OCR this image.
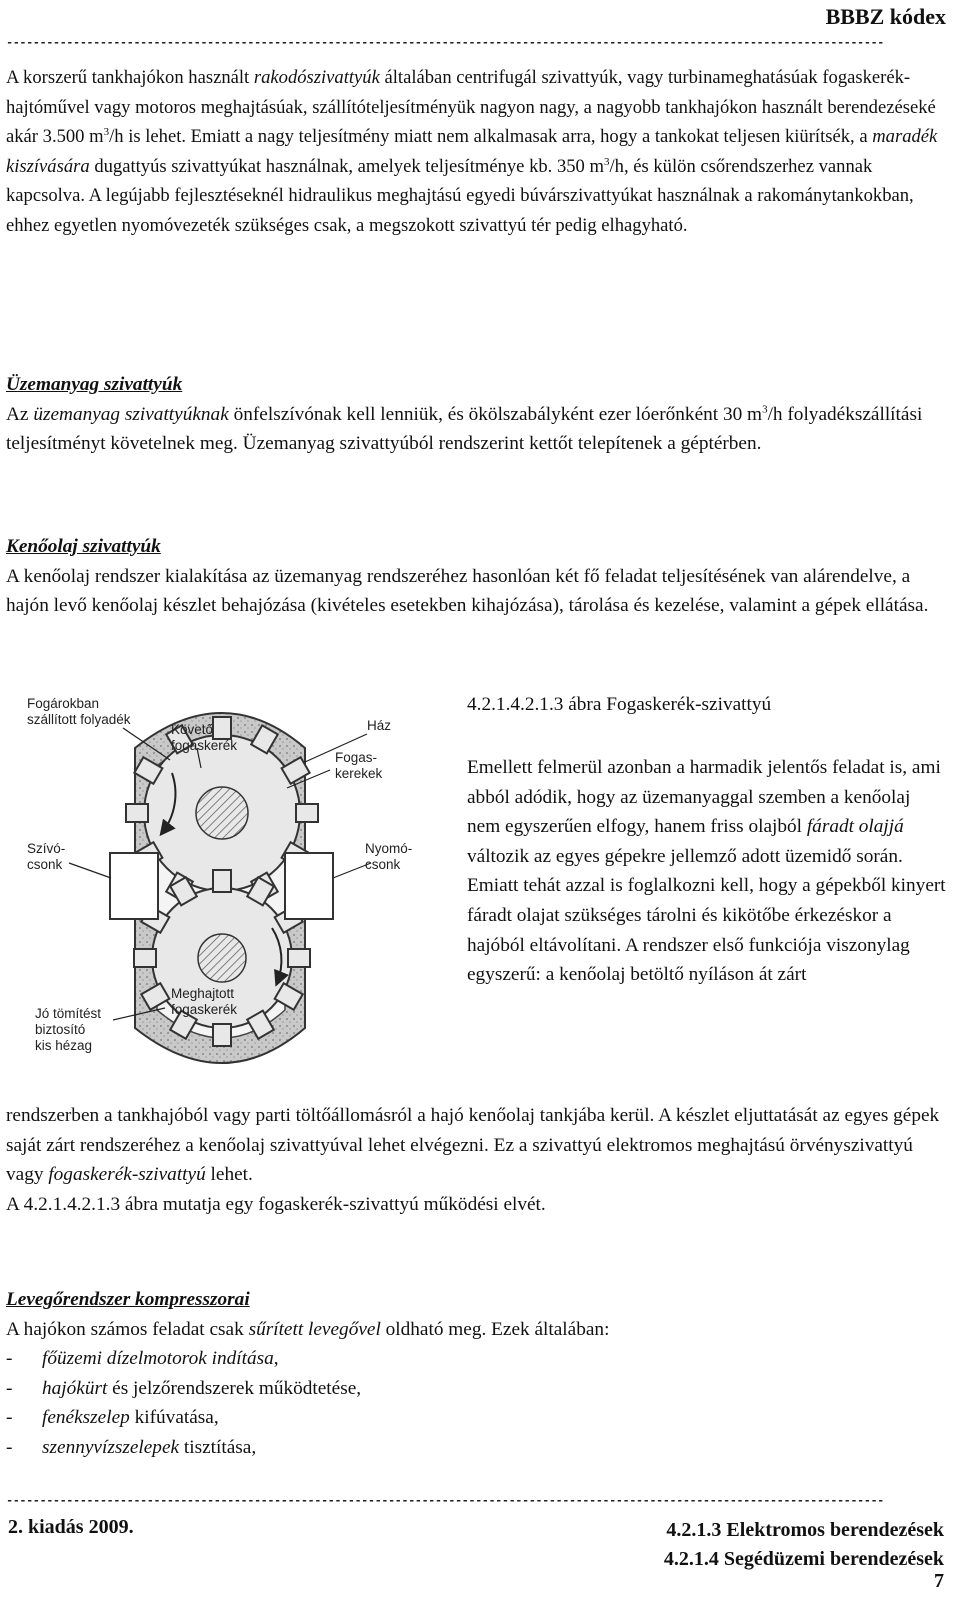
BBBZ kódex
-----------------------------------------------------------------------------------------------------------------------------------
A korszerű tankhajókon használt rakodószivattyúk általában centrifugál szivattyúk, vagy turbinameghatásúak fogaskerék-hajtóművel vagy motoros meghajtásúak, szállítóteljesítményük nagyon nagy, a nagyobb tankhajókon használt berendezéseké akár 3.500 $m^3/h$ is lehet. Emiatt a nagy teljesítmény miatt nem alkalmasak arra, hogy a tankokat teljesen kiürítsék, a maradék kiszívására dugattyús szivattyúkat használnak, amelyek teljesítménye kb. 350 $m^3/h$, és külön csőrendszerhez vannak kapcsolva. A legújabb fejlesztéseknél hidraulikus meghajtású egyedi búvárszivattyúkat használnak a rakománytankokban, ehhez egyetlen nyomóvezeték szükséges csak, a megszokott szivattyú tér pedig elhagyható.

Üzemanyag szivattyúk

Az üzemanyag szivattyúknak önfelszívónak kell lenniük, és ökölszabályként ezer lóerőnként 30 $m^3/h$ folyadékszállítási teljesítményt követelnek meg. Üzemanyag szivattyúból rendszerint kettőt telepítenek a géptérben.

Kenőolaj szivattyúk

A kenőolaj rendszer kialakítása az üzemanyag rendszeréhez hasonlóan két fő feladat teljesítésének van alárendelve, a hajón levő kenőolaj készlet behajózása (kivételes esetekben kihajózása), tárolása és kezelése, valamint a gépek ellátása.

Fogárokban szállított folyadék
Követő fogaskerék
Ház
Fogas-kerekek
Szívó-csonk
Nyomó-csonk
Meghajtott fogaskerék
Jó tömítést biztosító kis hézag
4.2.1.4.2.1.3 ábra Fogaskerék-szivattyú
Emellett felmerül azonban a harmadik jelentős feladat is, ami abból adódik, hogy az üzemanyaggal szemben a kenőolaj nem egyszerűen elfogy, hanem friss olajból fáradt olajjá változik az egyes gépekre jellemző adott üzemidő során. Emiatt tehát azzal is foglalkozni kell, hogy a gépekből kinyert fáradt olajat szükséges tárolni és kikötőbe érkezéskor a hajóból eltávolítani. A rendszer első funkciója viszonylag egyszerű: a kenőolaj betöltő nyíláson át zárt

rendszerben a tankhajóból vagy parti töltőállomásról a hajó kenőolaj tankjába kerül. A készlet eljuttatását az egyes gépek saját zárt rendszeréhez a kenőolaj szivattyúval lehet elvégezni. Ez a szivattyú elektromos meghajtású örvényszivattyú vagy fogaskerék-szivattyú lehet.

A 4.2.1.4.2.1.3 ábra mutatja egy fogaskerék-szivattyú működési elvét.

Levegőrendszer kompresszorai

A hajókon számos feladat csak sűrített levegővel oldható meg. Ezek általában:

-	főüzemi dízelmotorok indítása,
-	hajókürt és jelzőrendszerek működtetése,
-	fenékszelep kifúvatása,
-	szennyvízszelepek tisztítása,
-----------------------------------------------------------------------------------------------------------------------------------
2. kiadás 2009.	4.2.1.3 Elektromos berendezések
4.2.1.4 Segédüzemi berendezések
7
